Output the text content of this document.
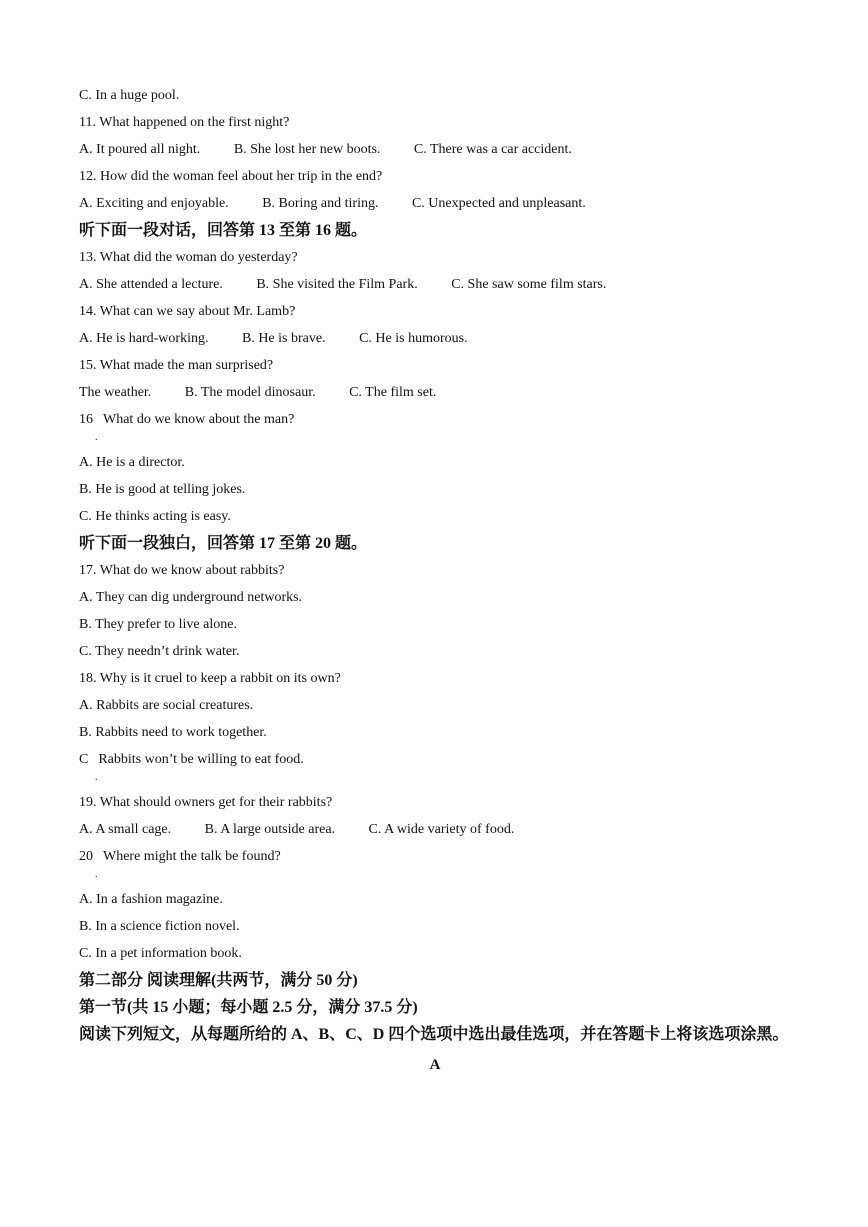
C. In a huge pool.
11. What happened on the first night?
A. It poured all night. B. She lost her new boots. C. There was a car accident.
12. How did the woman feel about her trip in the end?
A. Exciting and enjoyable. B. Boring and tiring. C. Unexpected and unpleasant.
听下面一段对话，回答第 13 至第 16 题。
13. What did the woman do yesterday?
A. She attended a lecture. B. She visited the Film Park. C. She saw some film stars.
14. What can we say about Mr. Lamb?
A. He is hard-working. B. He is brave. C. He is humorous.
15. What made the man surprised?
The weather. B. The model dinosaur. C. The film set.
16 What do we know about the man?
.
A. He is a director.
B. He is good at telling jokes.
C. He thinks acting is easy.
听下面一段独白，回答第 17 至第 20 题。
17. What do we know about rabbits?
A. They can dig underground networks.
B. They prefer to live alone.
C. They needn’t drink water.
18. Why is it cruel to keep a rabbit on its own?
A. Rabbits are social creatures.
B. Rabbits need to work together.
C Rabbits won’t be willing to eat food.
.
19. What should owners get for their rabbits?
A. A small cage. B. A large outside area. C. A wide variety of food.
20 Where might the talk be found?
.
A. In a fashion magazine.
B. In a science fiction novel.
C. In a pet information book.
第二部分 阅读理解(共两节，满分 50 分)
第一节(共 15 小题；每小题 2.5 分，满分 37.5 分)
阅读下列短文，从每题所给的 A、B、C、D 四个选项中选出最佳选项，并在答题卡上将该选项涂黑。
A
